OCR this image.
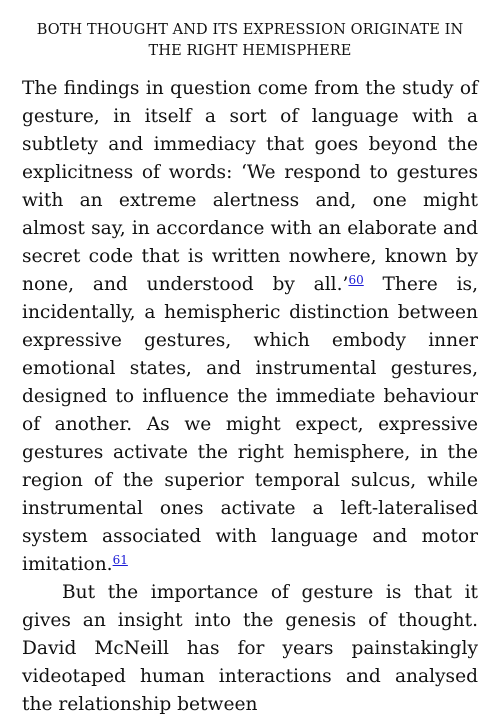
BOTH THOUGHT AND ITS EXPRESSION ORIGINATE IN THE RIGHT HEMISPHERE

The findings in question come from the study of gesture, in itself a sort of language with a subtlety and immediacy that goes beyond the explicitness of words: ‘We respond to gestures with an extreme alertness and, one might almost say, in accordance with an elaborate and secret code that is written nowhere, known by none, and understood by all.’$^{60}$ There is, incidentally, a hemispheric distinction between expressive gestures, which embody inner emotional states, and instrumental gestures, designed to influence the immediate behaviour of another. As we might expect, expressive gestures activate the right hemisphere, in the region of the superior temporal sulcus, while instrumental ones activate a left-lateralised system associated with language and motor imitation.$^{61}$

But the importance of gesture is that it gives an insight into the genesis of thought. David McNeill has for years painstakingly videotaped human interactions and analysed the relationship between
